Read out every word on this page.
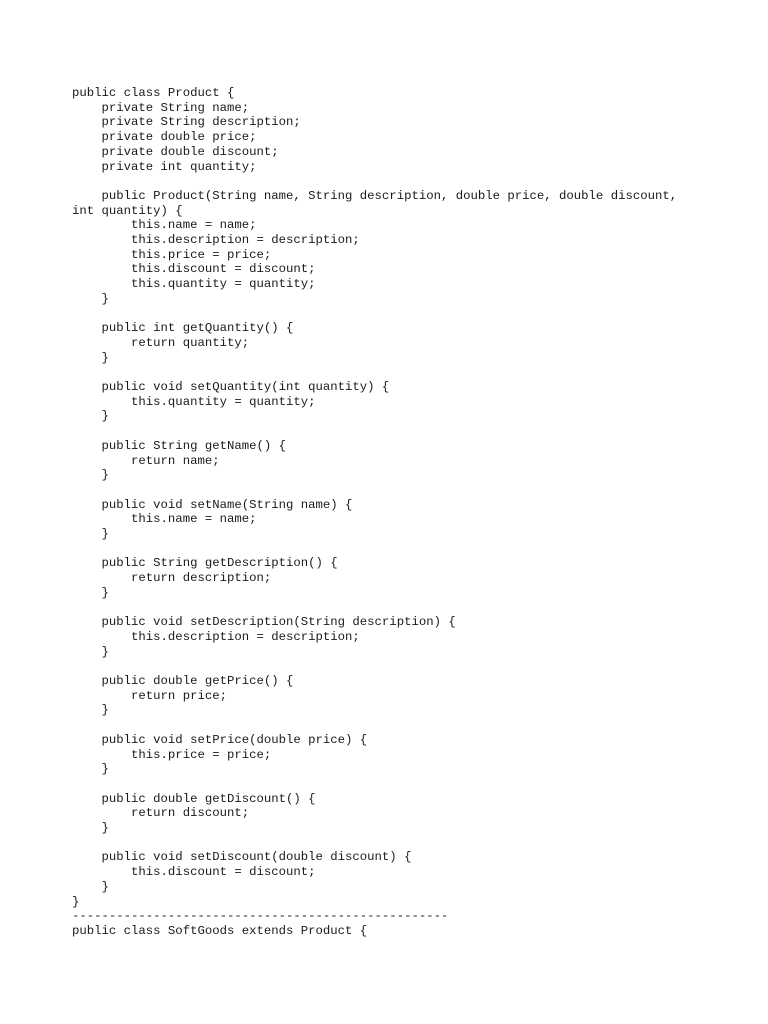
public class Product {
private String name;
private String description;
private double price;
private double discount;
private int quantity;
public Product(String name, String description, double price, double discount,
int quantity) {
this.name = name;
this.description = description;
this.price = price;
this.discount = discount;
this.quantity = quantity;
}
public int getQuantity() {
return quantity;
}
public void setQuantity(int quantity) {
this.quantity = quantity;
}
public String getName() {
return name;
}
public void setName(String name) {
this.name = name;
}
public String getDescription() {
return description;
}
public void setDescription(String description) {
this.description = description;
}
public double getPrice() {
return price;
}
public void setPrice(double price) {
this.price = price;
}
public double getDiscount() {
return discount;
}
public void setDiscount(double discount) {
this.discount = discount;
}
}
---------------------------------------------------
public class SoftGoods extends Product {
